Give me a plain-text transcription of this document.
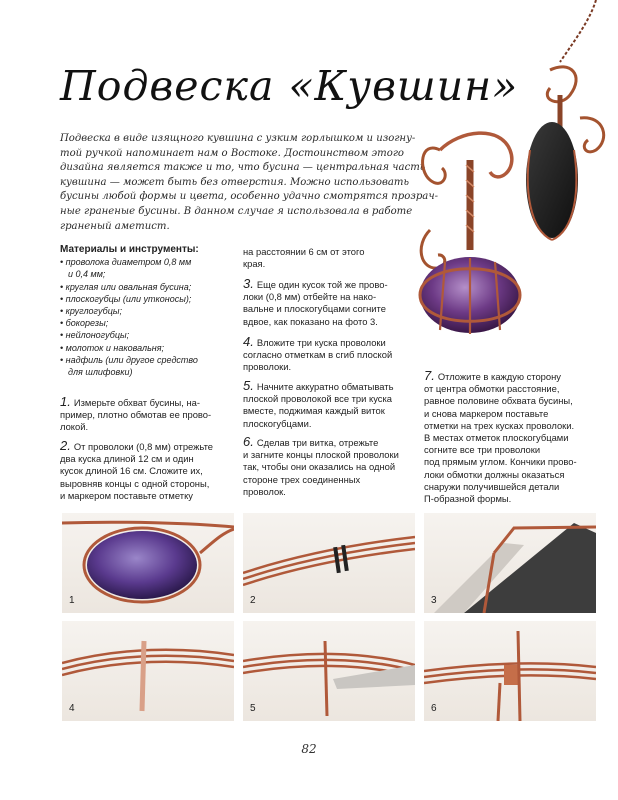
Подвеска «Кувшин»
Подвеска в виде изящного кувшина с узким горлышком и изогну-
той ручкой напоминает нам о Востоке. Достоинством этого
дизайна является также и то, что бусина — центральная часть
кувшина — может быть без отверстия. Можно использовать
бусины любой формы и цвета, особенно удачно смотрятся прозрач-
ные граненые бусины. В данном случае я использовала в работе
граненый аметист.
Материалы и инструменты:
• проволока диаметром 0,8 мм
и 0,4 мм;
• круглая или овальная бусина;
• плоскогубцы (или утконосы);
• круглогубцы;
• бокорезы;
• нейлоногубцы;
• молоток и наковальня;
• надфиль (или другое средство
для шлифовки)
1. Измерьте обхват бусины, на-
пример, плотно обмотав ее прово-
локой.
2. От проволоки (0,8 мм) отрежьте
два куска длиной 12 см и один
кусок длиной 16 см. Сложите их,
выровняв концы с одной стороны,
и маркером поставьте отметку
на расстоянии 6 см от этого
края.
3. Еще один кусок той же прово-
локи (0,8 мм) отбейте на нако-
вальне и плоскогубцами согните
вдвое, как показано на фото 3.
4. Вложите три куска проволоки
согласно отметкам в сгиб плоской
проволоки.
5. Начните аккуратно обматывать
плоской проволокой все три куска
вместе, поджимая каждый виток
плоскогубцами.
6. Сделав три витка, отрежьте
и загните концы плоской проволоки
так, чтобы они оказались на одной
стороне трех соединенных
проволок.
7. Отложите в каждую сторону
от центра обмотки расстояние,
равное половине обхвата бусины,
и снова маркером поставьте
отметки на трех кусках проволоки.
В местах отметок плоскогубцами
согните все три проволоки
под прямым углом. Кончики прово-
локи обмотки должны оказаться
снаружи получившейся детали
П-образной формы.
1	2	3
4	5	6
82
